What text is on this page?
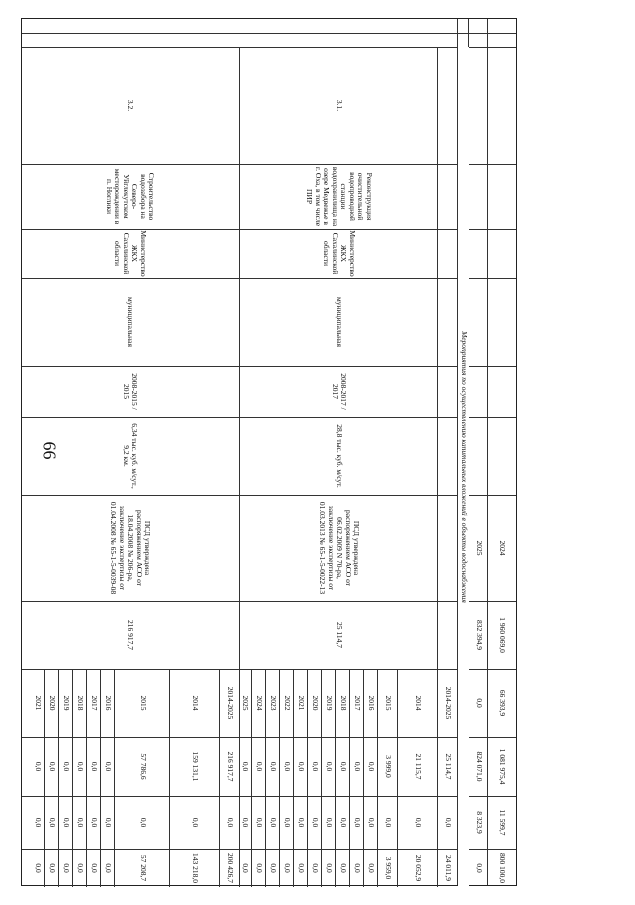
66
2024
1 960 069,0
66 393,9
1 081 975,4
11 599,7
800 100,0
2025
832 394,9
0,0
824 071,0
8 323,9
0,0
Мероприятия по осуществлению капитальных вложений в объекты водоснабжения
3.1.
Реконструкция очистительной водопроводной станции водохранилища на озере Медвежье в г. Оха, в том числе ПИР
Министерство ЖКХ Сахалинской области
муниципальная
2008-2017 / 2017
28,8 тыс. куб. м/сут.
ПСД утверждена распоряжением АСО от 06.02.2009 N 70-ра, заключение экспертизы от 01.03.2013 № 65-1-5-0022-13
25 114,7
3.2.
Строительство водозабора на Северо-Уйглекутском месторождении в п. Ноглики
Министерство ЖКХ Сахалинской области
муниципальная
2008-2015 / 2015
6,34 тыс. куб. м/сут., 9,2 км.
ПСД утверждена распоряжением АСО от 18.04.2008 № 206-ра, заключение экспертизы от 01.04.2008 № 65-1-5-0039-08
216 917,7
2014-2025
25 114,7
0,0
24 011,9
2014
21 115,7
0,0
20 052,9
2015
3 999,0
0,0
3 959,0
2016
0,0
0,0
0,0
2017
0,0
0,0
0,0
2018
0,0
0,0
0,0
2019
0,0
0,0
0,0
2020
0,0
0,0
0,0
2021
0,0
0,0
0,0
2022
0,0
0,0
0,0
2023
0,0
0,0
0,0
2024
0,0
0,0
0,0
2025
0,0
0,0
0,0
2014-2025
216 917,7
0,0
200 426,7
2014
159 131,1
0,0
143 218,0
2015
57 786,6
0,0
57 208,7
2016
0,0
0,0
0,0
2017
0,0
0,0
0,0
2018
0,0
0,0
0,0
2019
0,0
0,0
0,0
2020
0,0
0,0
0,0
2021
0,0
0,0
0,0
